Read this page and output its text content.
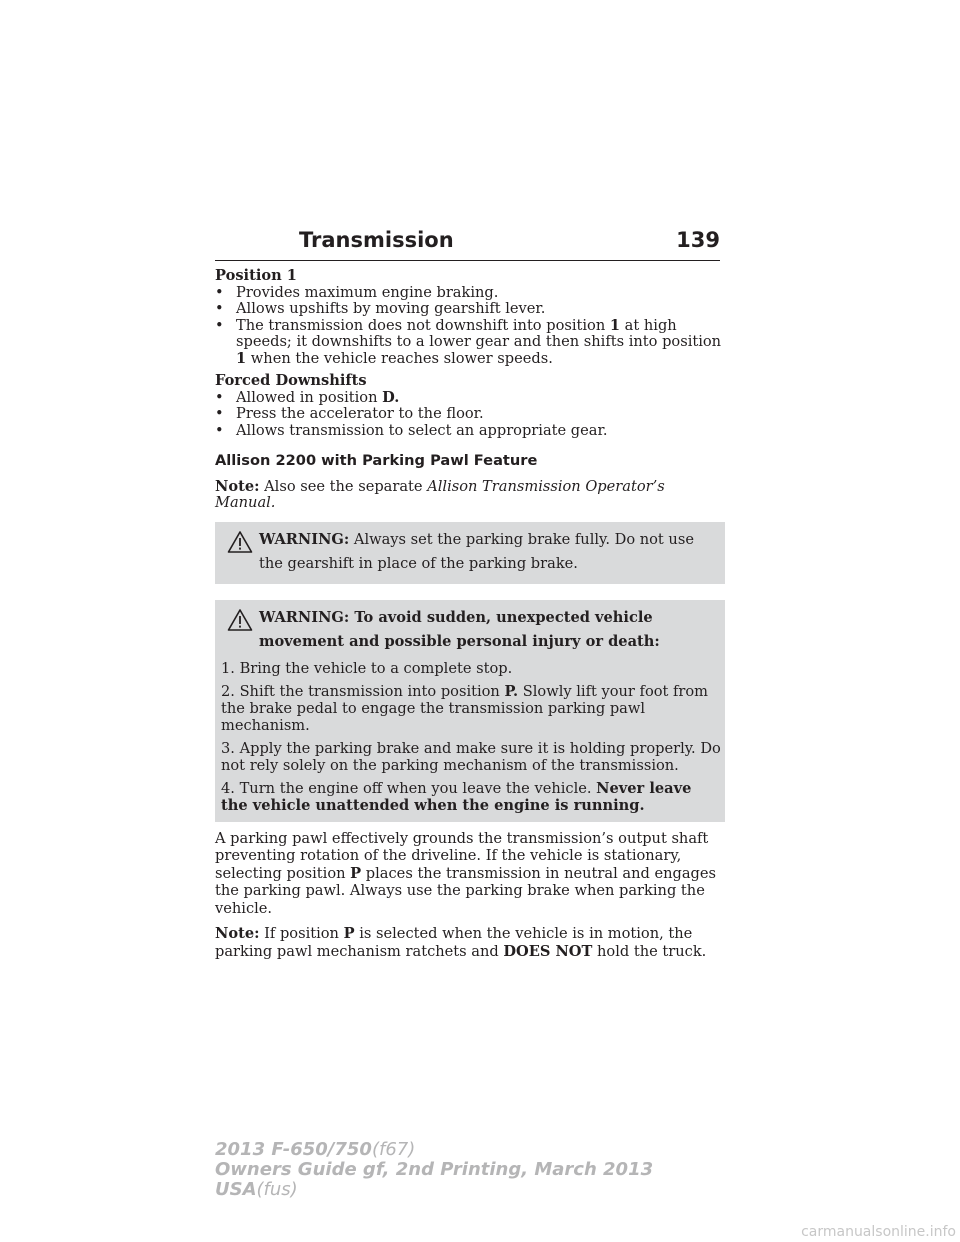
Transmission	139
Position 1
• Provides maximum engine braking.
• Allows upshifts by moving gearshift lever.
• The transmission does not downshift into position 1 at high speeds; it downshifts to a lower gear and then shifts into position 1 when the vehicle reaches slower speeds.
Forced Downshifts
• Allowed in position D.
• Press the accelerator to the floor.
• Allows transmission to select an appropriate gear.
Allison 2200 with Parking Pawl Feature
Note: Also see the separate Allison Transmission Operator’s Manual.
WARNING: Always set the parking brake fully. Do not use the gearshift in place of the parking brake.
WARNING: To avoid sudden, unexpected vehicle movement and possible personal injury or death:
1. Bring the vehicle to a complete stop.
2. Shift the transmission into position P. Slowly lift your foot from the brake pedal to engage the transmission parking pawl mechanism.
3. Apply the parking brake and make sure it is holding properly. Do not rely solely on the parking mechanism of the transmission.
4. Turn the engine off when you leave the vehicle. Never leave the vehicle unattended when the engine is running.
A parking pawl effectively grounds the transmission’s output shaft preventing rotation of the driveline. If the vehicle is stationary, selecting position P places the transmission in neutral and engages the parking pawl. Always use the parking brake when parking the vehicle.
Note: If position P is selected when the vehicle is in motion, the parking pawl mechanism ratchets and DOES NOT hold the truck.
2013 F-650/750(f67)
Owners Guide gf, 2nd Printing, March 2013
USA(fus)
carmanualsonline.info
